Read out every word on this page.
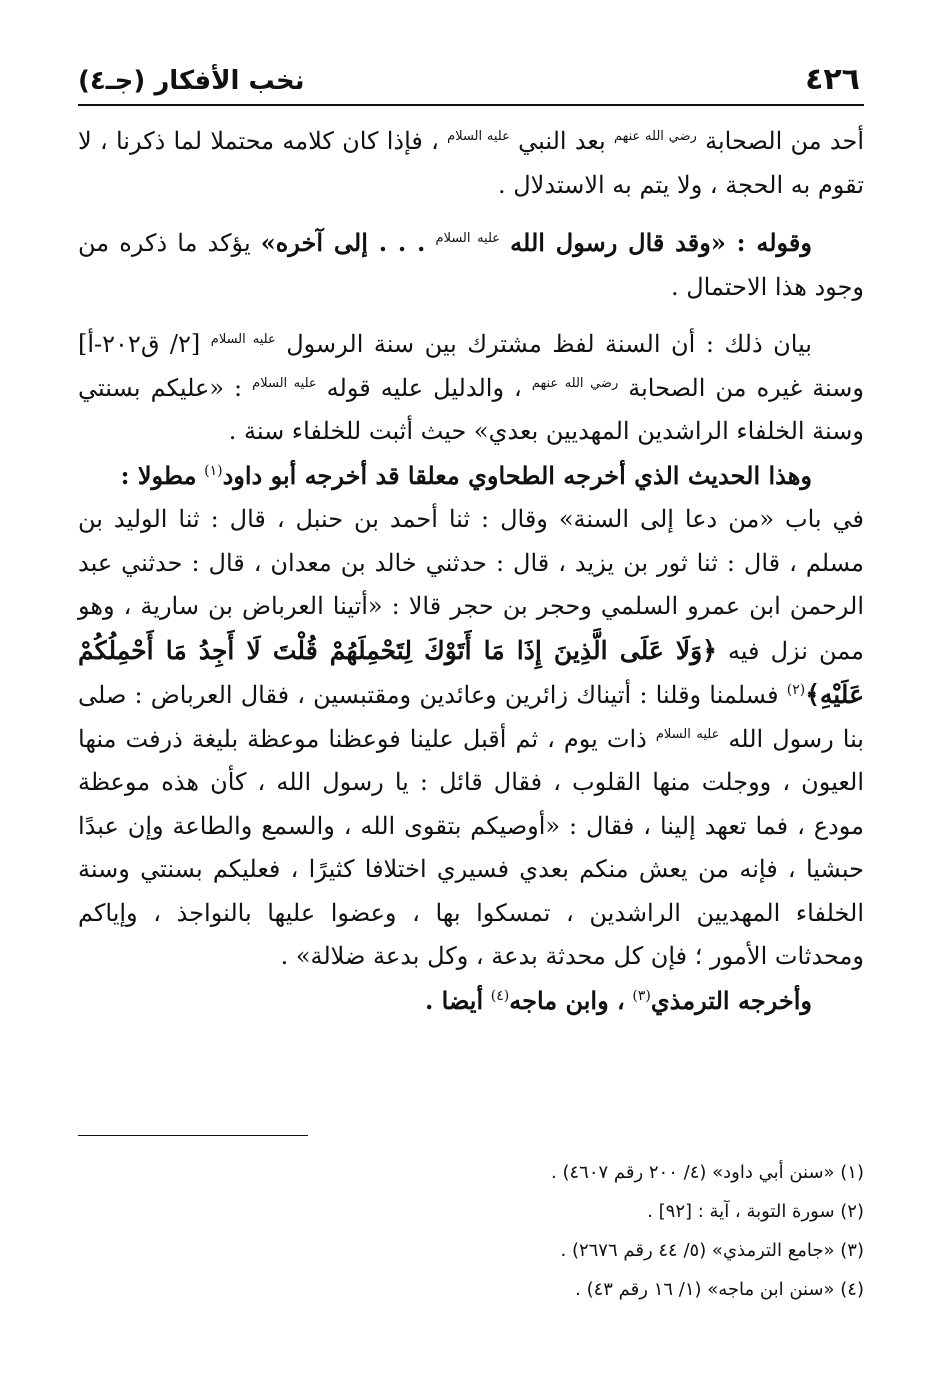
٤٢٦
نخب الأفكار (جـ٤)

أحد من الصحابة $^{رضي الله عنهم}$ بعد النبي $^{عليه السلام}$ ، فإذا كان كلامه محتملا لما ذكرنا ، لا تقوم به الحجة ، ولا يتم به الاستدلال .

وقوله : «وقد قال رسول الله $^{عليه السلام}$ . . . إلى آخره» يؤكد ما ذكره من وجود هذا الاحتمال .

بيان ذلك : أن السنة لفظ مشترك بين سنة الرسول $^{عليه السلام}$ [٢/ ق٢٠٢-أ] وسنة غيره من الصحابة $^{رضي الله عنهم}$ ، والدليل عليه قوله $^{عليه السلام}$ : «عليكم بسنتي وسنة الخلفاء الراشدين المهديين بعدي» حيث أثبت للخلفاء سنة .

وهذا الحديث الذي أخرجه الطحاوي معلقا قد أخرجه أبو داود$^{(١)}$ مطولا :

في باب «من دعا إلى السنة» وقال : ثنا أحمد بن حنبل ، قال : ثنا الوليد بن مسلم ، قال : ثنا ثور بن يزيد ، قال : حدثني خالد بن معدان ، قال : حدثني عبد الرحمن ابن عمرو السلمي وحجر بن حجر قالا : «أتينا العرباض بن سارية ، وهو ممن نزل فيه ﴿وَلَا عَلَى الَّذِينَ إِذَا مَا أَتَوْكَ لِتَحْمِلَهُمْ قُلْتَ لَا أَجِدُ مَا أَحْمِلُكُمْ عَلَيْهِ﴾$^{(٢)}$ فسلمنا وقلنا : أتيناك زائرين وعائدين ومقتبسين ، فقال العرباض : صلى بنا رسول الله $^{عليه السلام}$ ذات يوم ، ثم أقبل علينا فوعظنا موعظة بليغة ذرفت منها العيون ، ووجلت منها القلوب ، فقال قائل : يا رسول الله ، كأن هذه موعظة مودع ، فما تعهد إلينا ، فقال : «أوصيكم بتقوى الله ، والسمع والطاعة وإن عبدًا حبشيا ، فإنه من يعش منكم بعدي فسيري اختلافا كثيرًا ، فعليكم بسنتي وسنة الخلفاء المهديين الراشدين ، تمسكوا بها ، وعضوا عليها بالنواجذ ، وإياكم ومحدثات الأمور ؛ فإن كل محدثة بدعة ، وكل بدعة ضلالة» .

وأخرجه الترمذي$^{(٣)}$ ، وابن ماجه$^{(٤)}$ أيضا .

(١) «سنن أبي داود» (٤/ ٢٠٠ رقم ٤٦٠٧) .

(٢) سورة التوبة ، آية : [٩٢] .

(٣) «جامع الترمذي» (٥/ ٤٤ رقم ٢٦٧٦) .

(٤) «سنن ابن ماجه» (١/ ١٦ رقم ٤٣) .
